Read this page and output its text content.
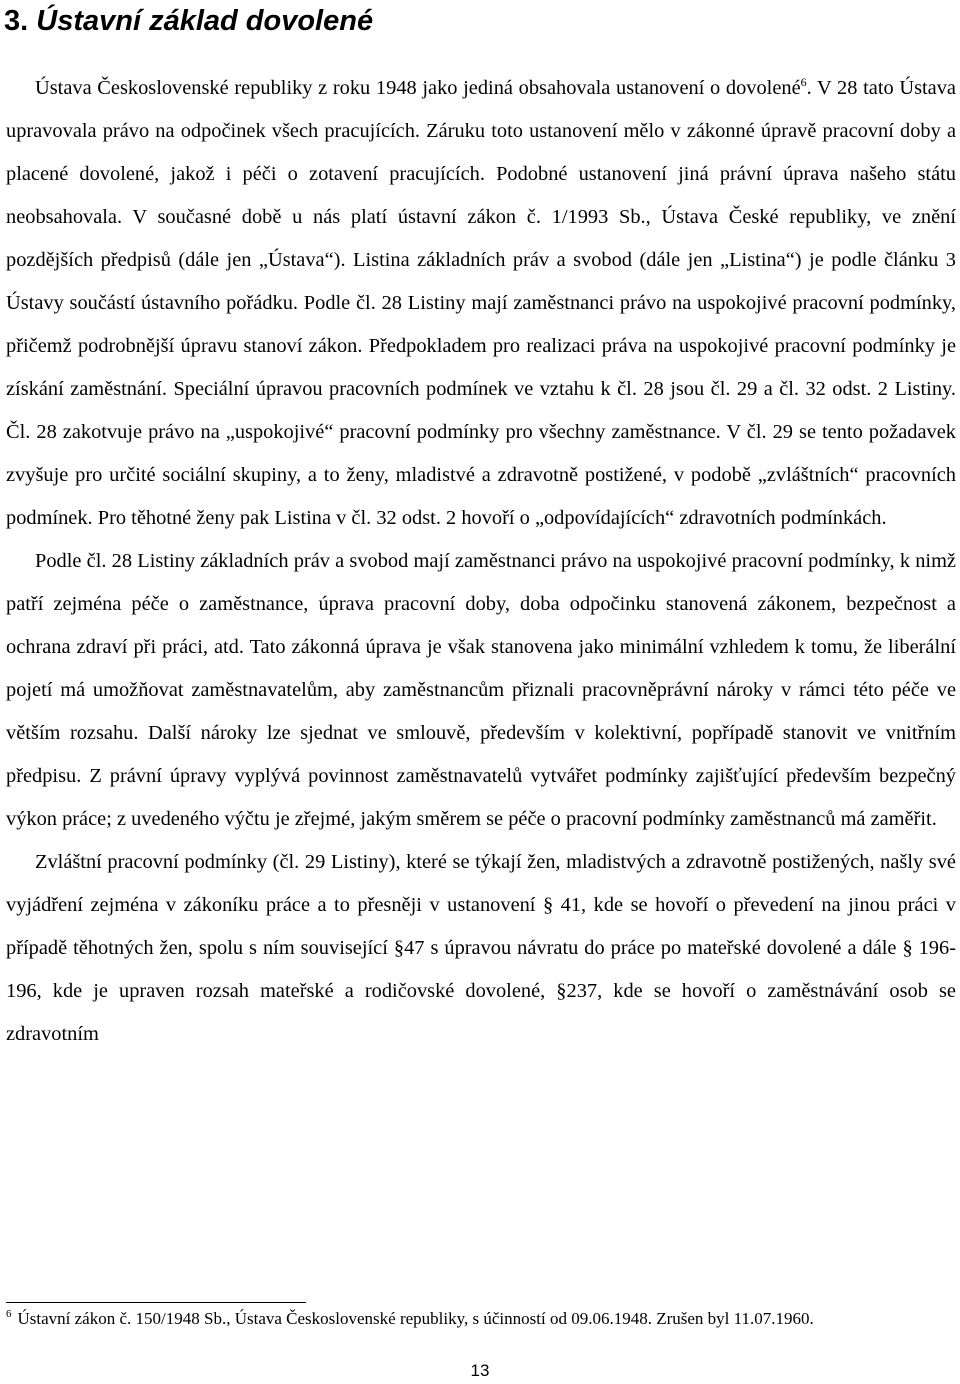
3. Ústavní základ dovolené

Ústava Československé republiky z roku 1948 jako jediná obsahovala ustanovení o dovolené$^6$. V 28 tato Ústava upravovala právo na odpočinek všech pracujících. Záruku toto ustanovení mělo v zákonné úpravě pracovní doby a placené dovolené, jakož i péči o zotavení pracujících. Podobné ustanovení jiná právní úprava našeho státu neobsahovala. V současné době u nás platí ústavní zákon č. 1/1993 Sb., Ústava České republiky, ve znění pozdějších předpisů (dále jen „Ústava“). Listina základních práv a svobod (dále jen „Listina“) je podle článku 3 Ústavy součástí ústavního pořádku. Podle čl. 28 Listiny mají zaměstnanci právo na uspokojivé pracovní podmínky, přičemž podrobnější úpravu stanoví zákon. Předpokladem pro realizaci práva na uspokojivé pracovní podmínky je získání zaměstnání. Speciální úpravou pracovních podmínek ve vztahu k čl. 28 jsou čl. 29 a čl. 32 odst. 2 Listiny. Čl. 28 zakotvuje právo na „uspokojivé“ pracovní podmínky pro všechny zaměstnance. V čl. 29 se tento požadavek zvyšuje pro určité sociální skupiny, a to ženy, mladistvé a zdravotně postižené, v podobě „zvláštních“ pracovních podmínek. Pro těhotné ženy pak Listina v čl. 32 odst. 2 hovoří o „odpovídajících“ zdravotních podmínkách.

Podle čl. 28 Listiny základních práv a svobod mají zaměstnanci právo na uspokojivé pracovní podmínky, k nimž patří zejména péče o zaměstnance, úprava pracovní doby, doba odpočinku stanovená zákonem, bezpečnost a ochrana zdraví při práci, atd. Tato zákonná úprava je však stanovena jako minimální vzhledem k tomu, že liberální pojetí má umožňovat zaměstnavatelům, aby zaměstnancům přiznali pracovněprávní nároky v rámci této péče ve větším rozsahu. Další nároky lze sjednat ve smlouvě, především v kolektivní, popřípadě stanovit ve vnitřním předpisu. Z právní úpravy vyplývá povinnost zaměstnavatelů vytvářet podmínky zajišťující především bezpečný výkon práce; z uvedeného výčtu je zřejmé, jakým směrem se péče o pracovní podmínky zaměstnanců má zaměřit.

Zvláštní pracovní podmínky (čl. 29 Listiny), které se týkají žen, mladistvých a zdravotně postižených, našly své vyjádření zejména v zákoníku práce a to přesněji v ustanovení § 41, kde se hovoří o převedení na jinou práci v případě těhotných žen, spolu s ním související §47 s úpravou návratu do práce po mateřské dovolené a dále § 196- 196, kde je upraven rozsah mateřské a rodičovské dovolené, §237, kde se hovoří o zaměstnávání osob se zdravotním

$^6$ Ústavní zákon č. 150/1948 Sb., Ústava Československé republiky, s účinností od 09.06.1948. Zrušen byl 11.07.1960.

13
